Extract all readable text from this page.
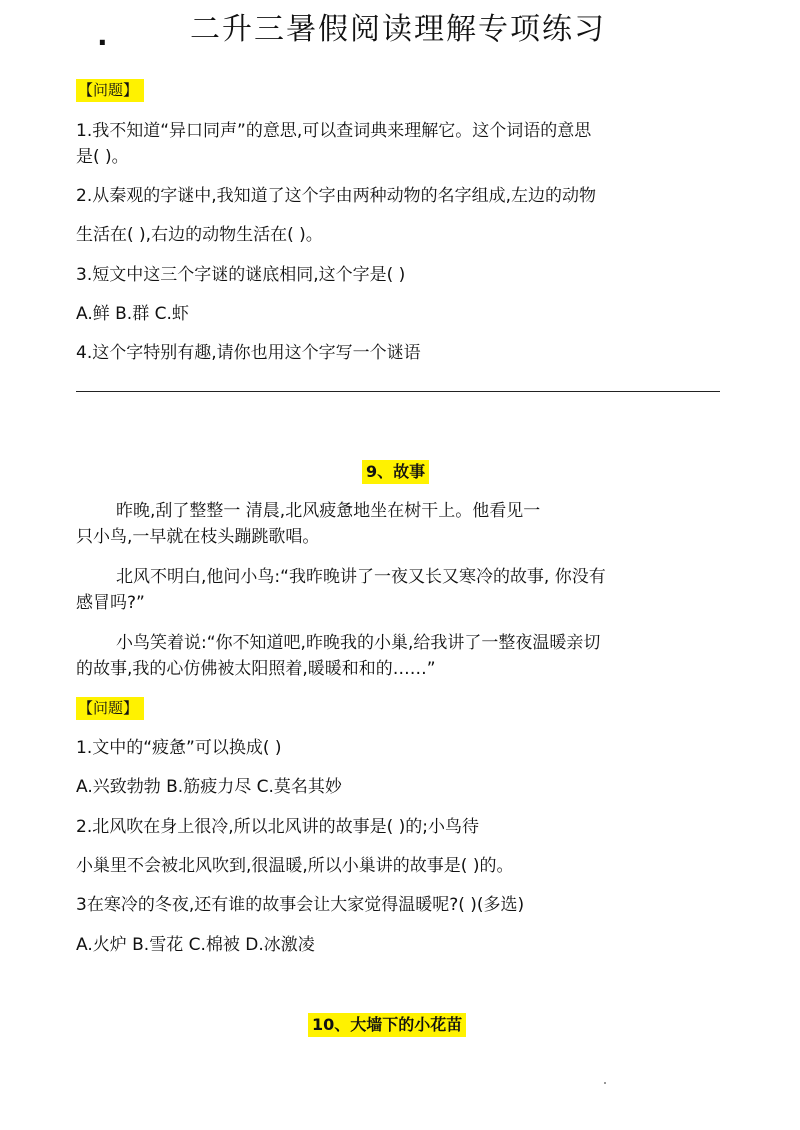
.	二升三暑假阅读理解专项练习
【问题】
1.我不知道“异口同声”的意思,可以查词典来理解它。这个词语的意思
是( )。
2.从秦观的字谜中,我知道了这个字由两种动物的名字组成,左边的动物
生活在( ),右边的动物生活在( )。
3.短文中这三个字谜的谜底相同,这个字是( )
A.鲜 B.群 C.虾
4.这个字特别有趣,请你也用这个字写一个谜语
9、故事
昨晚,刮了整整一 清晨,北风疲惫地坐在树干上。他看见一
只小鸟,一早就在枝头蹦跳歌唱。
北风不明白,他问小鸟:“我昨晚讲了一夜又长又寒冷的故事, 你没有
感冒吗?”
小鸟笑着说:“你不知道吧,昨晚我的小巢,给我讲了一整夜温暖亲切
的故事,我的心仿佛被太阳照着,暖暖和和的……”
【问题】
1.文中的“疲惫”可以换成( )
A.兴致勃勃 B.筋疲力尽 C.莫名其妙
2.北风吹在身上很冷,所以北风讲的故事是( )的;小鸟待
小巢里不会被北风吹到,很温暖,所以小巢讲的故事是( )的。
3在寒冷的冬夜,还有谁的故事会让大家觉得温暖呢?( )(多选)
A.火炉 B.雪花 C.棉被 D.冰激凌
10、大墙下的小花苗
